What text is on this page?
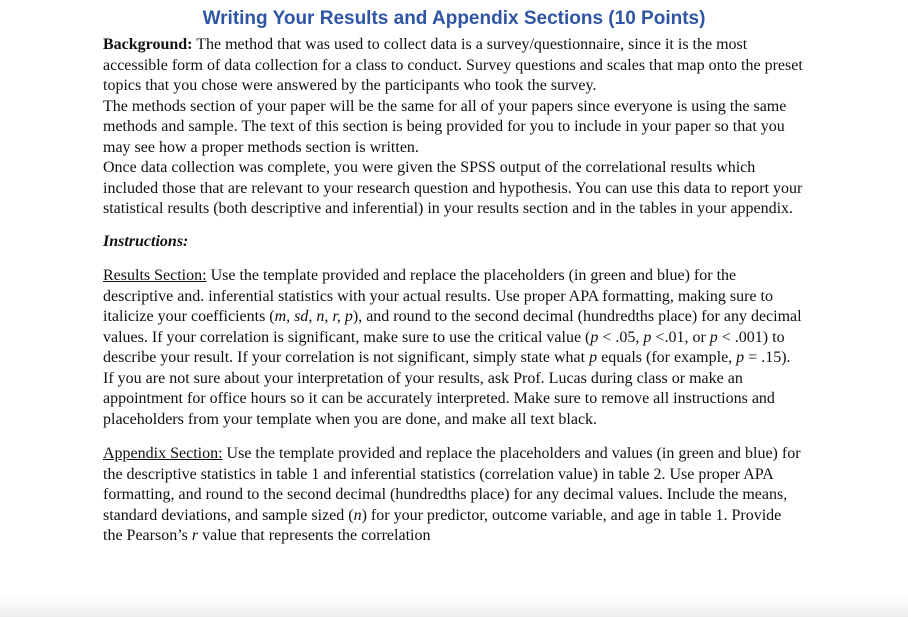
Writing Your Results and Appendix Sections (10 Points)

Background: The method that was used to collect data is a survey/questionnaire, since it is the most accessible form of data collection for a class to conduct. Survey questions and scales that map onto the preset topics that you chose were answered by the participants who took the survey.

The methods section of your paper will be the same for all of your papers since everyone is using the same methods and sample. The text of this section is being provided for you to include in your paper so that you may see how a proper methods section is written.

Once data collection was complete, you were given the SPSS output of the correlational results which included those that are relevant to your research question and hypothesis. You can use this data to report your statistical results (both descriptive and inferential) in your results section and in the tables in your appendix.

Instructions:

Results Section: Use the template provided and replace the placeholders (in green and blue) for the descriptive and. inferential statistics with your actual results. Use proper APA formatting, making sure to italicize your coefficients (m, sd, n, r, p), and round to the second decimal (hundredths place) for any decimal values. If your correlation is significant, make sure to use the critical value (p < .05, p <.01, or p < .001) to describe your result. If your correlation is not significant, simply state what p equals (for example, p = .15). If you are not sure about your interpretation of your results, ask Prof. Lucas during class or make an appointment for office hours so it can be accurately interpreted. Make sure to remove all instructions and placeholders from your template when you are done, and make all text black.

Appendix Section: Use the template provided and replace the placeholders and values (in green and blue) for the descriptive statistics in table 1 and inferential statistics (correlation value) in table 2. Use proper APA formatting, and round to the second decimal (hundredths place) for any decimal values. Include the means, standard deviations, and sample sized (n) for your predictor, outcome variable, and age in table 1. Provide the Pearson’s r value that represents the correlation
